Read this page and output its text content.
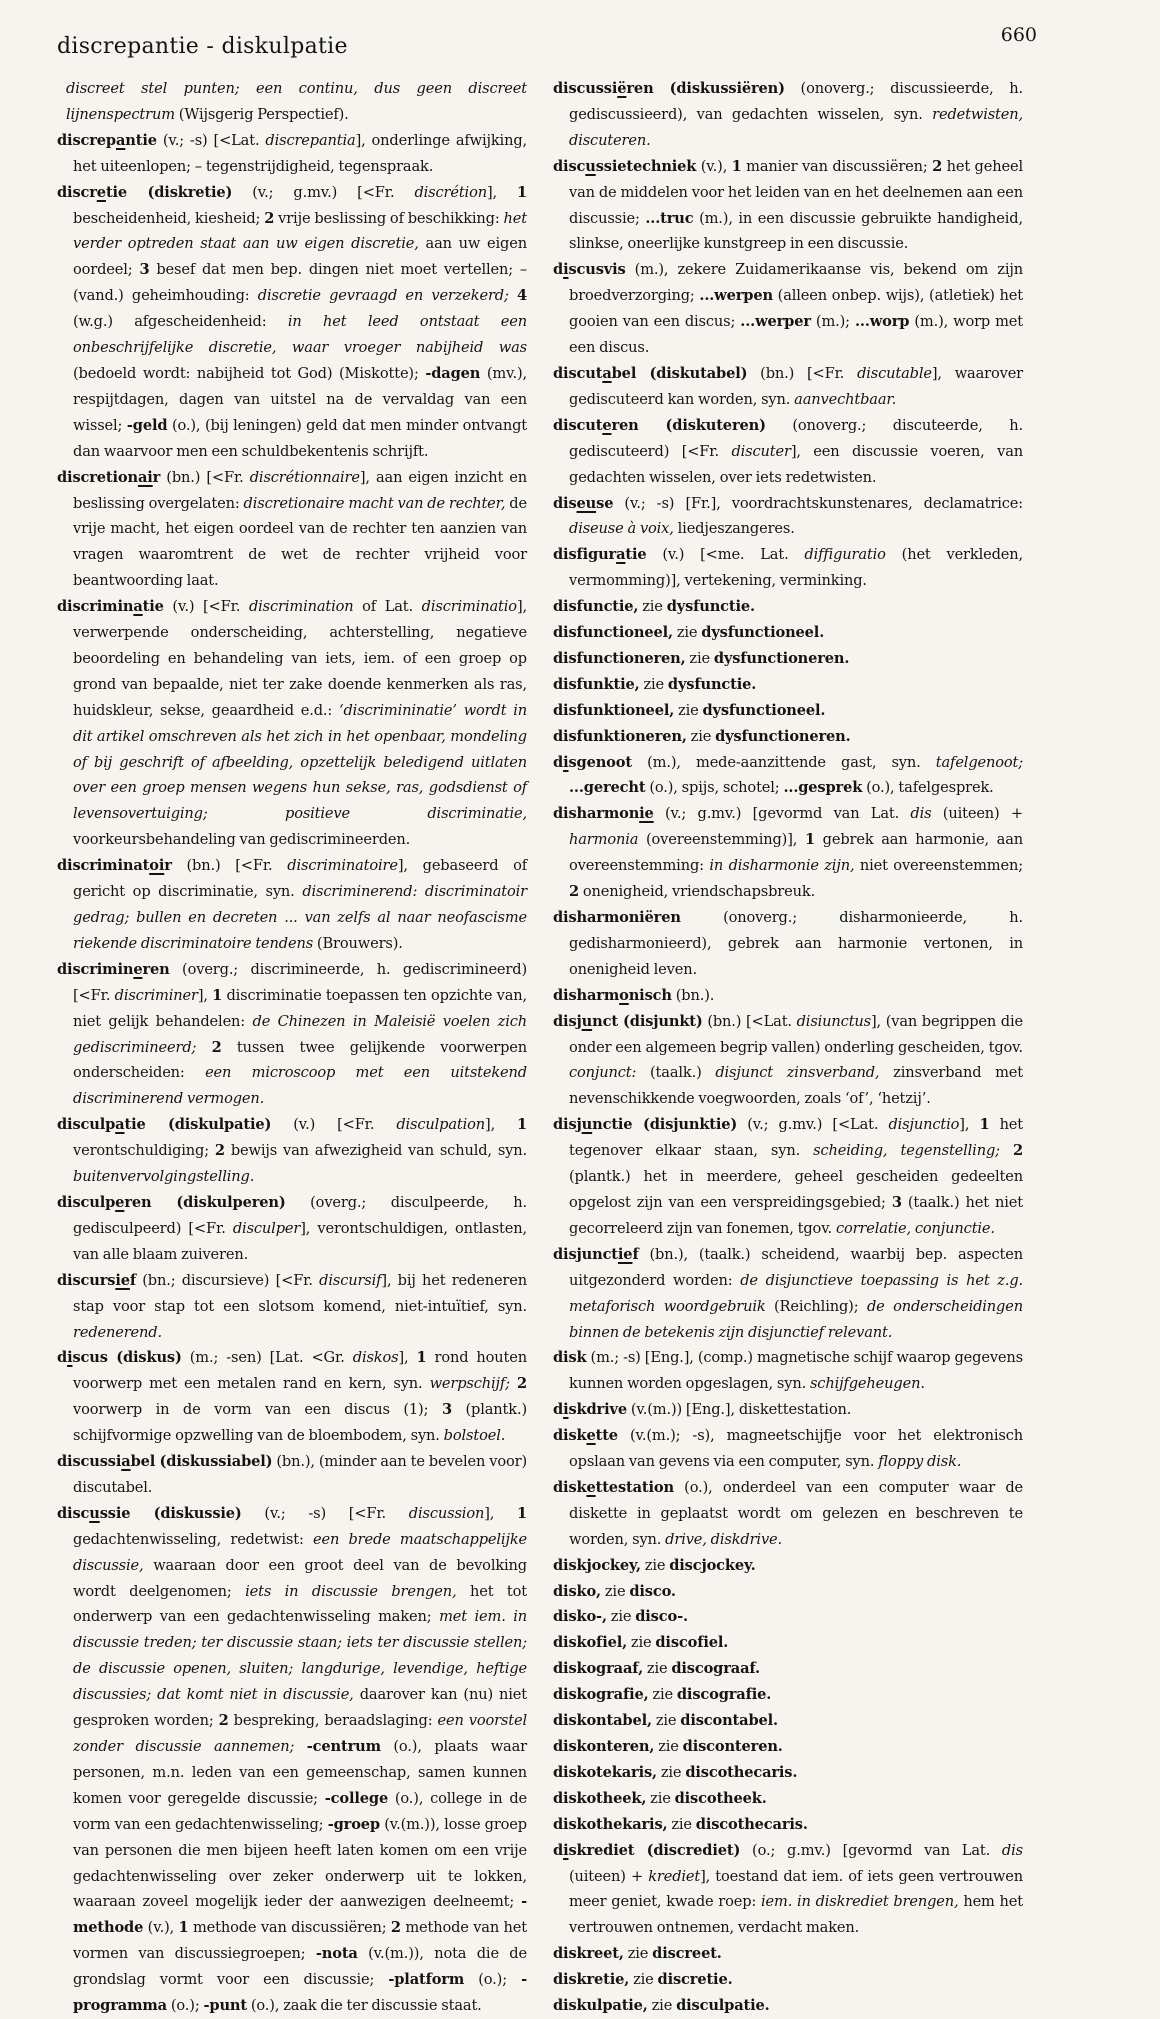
discrepantie - diskulpatie	660

discreet stel punten; een continu, dus geen discreet lijnenspectrum (Wijsgerig Perspectief).

discrepantie (v.; -s) [<Lat. discrepantia], onderlinge afwijking, het uiteenlopen; – tegenstrijdigheid, tegenspraak.

discretie (diskretie) (v.; g.mv.) [<Fr. discrétion], 1 bescheidenheid, kiesheid; 2 vrije beslissing of beschikking: het verder optreden staat aan uw eigen discretie, aan uw eigen oordeel; 3 besef dat men bep. dingen niet moet vertellen; – (vand.) geheimhouding: discretie gevraagd en verzekerd; 4 (w.g.) afgescheidenheid: in het leed ontstaat een onbeschrijfelijke discretie, waar vroeger nabijheid was (bedoeld wordt: nabijheid tot God) (Miskotte); -dagen (mv.), respijtdagen, dagen van uitstel na de vervaldag van een wissel; -geld (o.), (bij leningen) geld dat men minder ontvangt dan waarvoor men een schuldbekentenis schrijft.

discretionair (bn.) [<Fr. discrétionnaire], aan eigen inzicht en beslissing overgelaten: discretionaire macht van de rechter, de vrije macht, het eigen oordeel van de rechter ten aanzien van vragen waaromtrent de wet de rechter vrijheid voor beantwoording laat.

discriminatie (v.) [<Fr. discrimination of Lat. discriminatio], verwerpende onderscheiding, achterstelling, negatieve beoordeling en behandeling van iets, iem. of een groep op grond van bepaalde, niet ter zake doende kenmerken als ras, huidskleur, sekse, geaardheid e.d.: ‘discrimininatie’ wordt in dit artikel omschreven als het zich in het openbaar, mondeling of bij geschrift of afbeelding, opzettelijk beledigend uitlaten over een groep mensen wegens hun sekse, ras, godsdienst of levensovertuiging; positieve discriminatie, voorkeursbehandeling van gediscrimineerden.

discriminatoir (bn.) [<Fr. discriminatoire], gebaseerd of gericht op discriminatie, syn. discriminerend: discriminatoir gedrag; bullen en decreten ... van zelfs al naar neofascisme riekende discriminatoire tendens (Brouwers).

discrimineren (overg.; discrimineerde, h. gediscrimineerd) [<Fr. discriminer], 1 discriminatie toepassen ten opzichte van, niet gelijk behandelen: de Chinezen in Maleisië voelen zich gediscrimineerd; 2 tussen twee gelijkende voorwerpen onderscheiden: een microscoop met een uitstekend discriminerend vermogen.

disculpatie (diskulpatie) (v.) [<Fr. disculpation], 1 verontschuldiging; 2 bewijs van afwezigheid van schuld, syn. buitenvervolgingstelling.

disculperen (diskulperen) (overg.; disculpeerde, h. gedisculpeerd) [<Fr. disculper], verontschuldigen, ontlasten, van alle blaam zuiveren.

discursief (bn.; discursieve) [<Fr. discursif], bij het redeneren stap voor stap tot een slotsom komend, niet-intuïtief, syn. redenerend.

discus (diskus) (m.; -sen) [Lat. <Gr. diskos], 1 rond houten voorwerp met een metalen rand en kern, syn. werpschijf; 2 voorwerp in de vorm van een discus (1); 3 (plantk.) schijfvormige opzwelling van de bloembodem, syn. bolstoel.

discussiabel (diskussiabel) (bn.), (minder aan te bevelen voor) discutabel.

discussie (diskussie) (v.; -s) [<Fr. discussion], 1 gedachtenwisseling, redetwist: een brede maatschappelijke discussie, waaraan door een groot deel van de bevolking wordt deelgenomen; iets in discussie brengen, het tot onderwerp van een gedachtenwisseling maken; met iem. in discussie treden; ter discussie staan; iets ter discussie stellen; de discussie openen, sluiten; langdurige, levendige, heftige discussies; dat komt niet in discussie, daarover kan (nu) niet gesproken worden; 2 bespreking, beraadslaging: een voorstel zonder discussie aannemen; -centrum (o.), plaats waar personen, m.n. leden van een gemeenschap, samen kunnen komen voor geregelde discussie; -college (o.), college in de vorm van een gedachtenwisseling; -groep (v.(m.)), losse groep van personen die men bijeen heeft laten komen om een vrije gedachtenwisseling over zeker onderwerp uit te lokken, waaraan zoveel mogelijk ieder der aanwezigen deelneemt; -methode (v.), 1 methode van discussiëren; 2 methode van het vormen van discussiegroepen; -nota (v.(m.)), nota die de grondslag vormt voor een discussie; -platform (o.); -programma (o.); -punt (o.), zaak die ter discussie staat.

discussiëren (diskussiëren) (onoverg.; discussieerde, h. gediscussieerd), van gedachten wisselen, syn. redetwisten, discuteren.

discussietechniek (v.), 1 manier van discussiëren; 2 het geheel van de middelen voor het leiden van en het deelnemen aan een discussie; ...truc (m.), in een discussie gebruikte handigheid, slinkse, oneerlijke kunstgreep in een discussie.

discusvis (m.), zekere Zuidamerikaanse vis, bekend om zijn broedverzorging; ...werpen (alleen onbep. wijs), (atletiek) het gooien van een discus; ...werper (m.); ...worp (m.), worp met een discus.

discutabel (diskutabel) (bn.) [<Fr. discutable], waarover gediscuteerd kan worden, syn. aanvechtbaar.

discuteren (diskuteren) (onoverg.; discuteerde, h. gediscuteerd) [<Fr. discuter], een discussie voeren, van gedachten wisselen, over iets redetwisten.

diseuse (v.; -s) [Fr.], voordrachtskunstenares, declamatrice: diseuse à voix, liedjeszangeres.

disfiguratie (v.) [<me. Lat. diffiguratio (het verkleden, vermomming)], vertekening, verminking.

disfunctie, zie dysfunctie.

disfunctioneel, zie dysfunctioneel.

disfunctioneren, zie dysfunctioneren.

disfunktie, zie dysfunctie.

disfunktioneel, zie dysfunctioneel.

disfunktioneren, zie dysfunctioneren.

disgenoot (m.), mede-aanzittende gast, syn. tafelgenoot; ...gerecht (o.), spijs, schotel; ...gesprek (o.), tafelgesprek.

disharmonie (v.; g.mv.) [gevormd van Lat. dis (uiteen) + harmonia (overeenstemming)], 1 gebrek aan harmonie, aan overeenstemming: in disharmonie zijn, niet overeenstemmen; 2 onenigheid, vriendschapsbreuk.

disharmoniëren (onoverg.; disharmonieerde, h. gedisharmonieerd), gebrek aan harmonie vertonen, in onenigheid leven.

disharmonisch (bn.).

disjunct (disjunkt) (bn.) [<Lat. disiunctus], (van begrippen die onder een algemeen begrip vallen) onderling gescheiden, tgov. conjunct: (taalk.) disjunct zinsverband, zinsverband met nevenschikkende voegwoorden, zoals ‘of’, ‘hetzij’.

disjunctie (disjunktie) (v.; g.mv.) [<Lat. disjunctio], 1 het tegenover elkaar staan, syn. scheiding, tegenstelling; 2 (plantk.) het in meerdere, geheel gescheiden gedeelten opgelost zijn van een verspreidingsgebied; 3 (taalk.) het niet gecorreleerd zijn van fonemen, tgov. correlatie, conjunctie.

disjunctief (bn.), (taalk.) scheidend, waarbij bep. aspecten uitgezonderd worden: de disjunctieve toepassing is het z.g. metaforisch woordgebruik (Reichling); de onderscheidingen binnen de betekenis zijn disjunctief relevant.

disk (m.; -s) [Eng.], (comp.) magnetische schijf waarop gegevens kunnen worden opgeslagen, syn. schijfgeheugen.

diskdrive (v.(m.)) [Eng.], diskettestation.

diskette (v.(m.); -s), magneetschijfje voor het elektronisch opslaan van gevens via een computer, syn. floppy disk.

diskettestation (o.), onderdeel van een computer waar de diskette in geplaatst wordt om gelezen en beschreven te worden, syn. drive, diskdrive.

diskjockey, zie discjockey.

disko, zie disco.

disko-, zie disco-.

diskofiel, zie discofiel.

diskograaf, zie discograaf.

diskografie, zie discografie.

diskontabel, zie discontabel.

diskonteren, zie disconteren.

diskotekaris, zie discothecaris.

diskotheek, zie discotheek.

diskothekaris, zie discothecaris.

diskrediet (discrediet) (o.; g.mv.) [gevormd van Lat. dis (uiteen) + krediet], toestand dat iem. of iets geen vertrouwen meer geniet, kwade roep: iem. in diskrediet brengen, hem het vertrouwen ontnemen, verdacht maken.

diskreet, zie discreet.

diskretie, zie discretie.

diskulpatie, zie disculpatie.
